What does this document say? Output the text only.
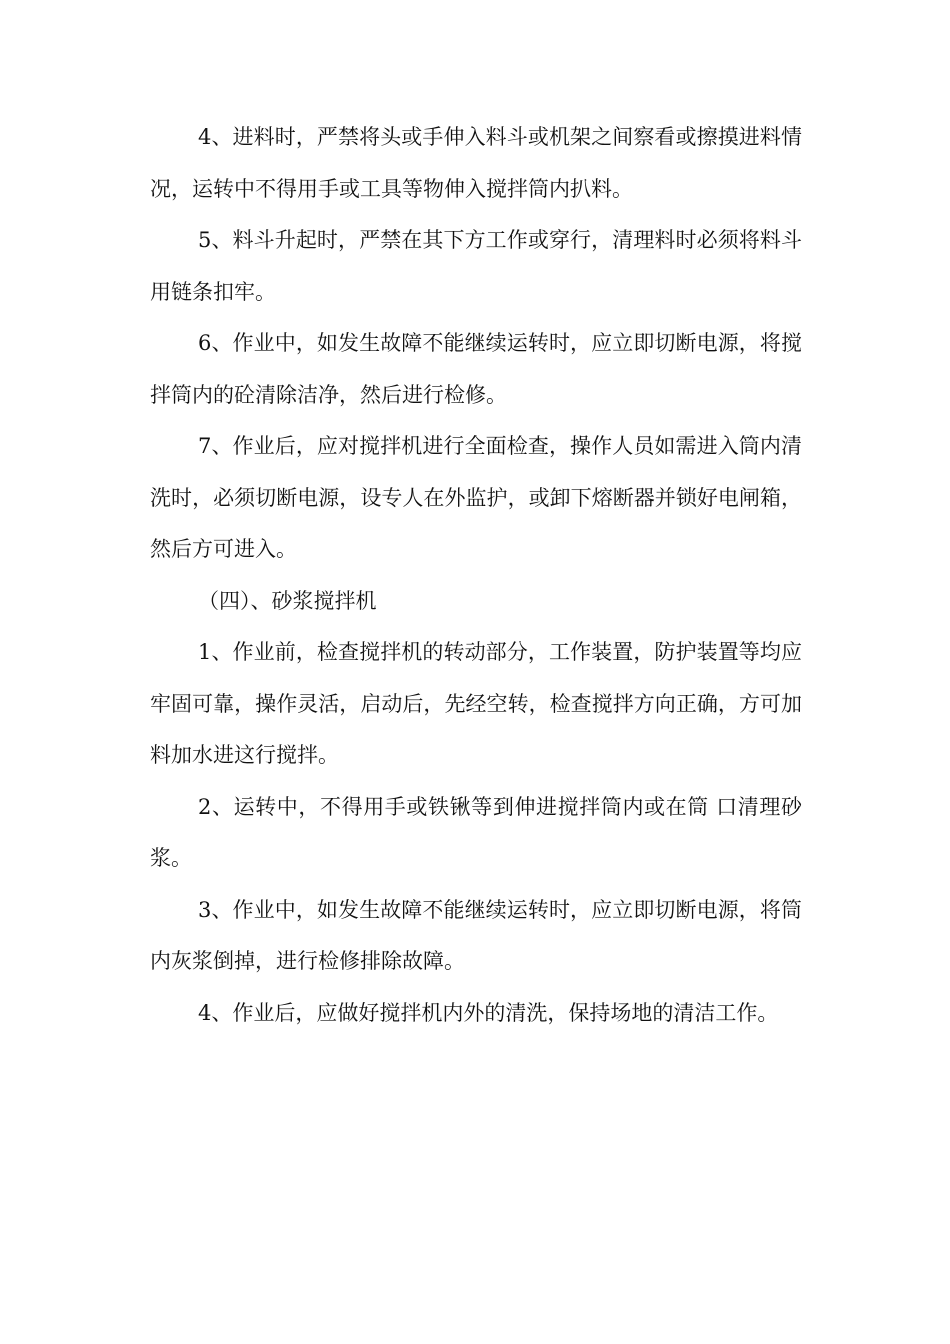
4、进料时，严禁将头或手伸入料斗或机架之间察看或擦摸进料情况，运转中不得用手或工具等物伸入搅拌筒内扒料。

5、料斗升起时，严禁在其下方工作或穿行，清理料时必须将料斗用链条扣牢。

6、作业中，如发生故障不能继续运转时，应立即切断电源，将搅拌筒内的砼清除洁净，然后进行检修。

7、作业后，应对搅拌机进行全面检查，操作人员如需进入筒内清洗时，必须切断电源，设专人在外监护，或卸下熔断器并锁好电闸箱，然后方可进入。

（四）、砂浆搅拌机

1、作业前，检查搅拌机的转动部分，工作装置，防护装置等均应牢固可靠，操作灵活，启动后，先经空转，检查搅拌方向正确，方可加料加水进这行搅拌。

2、运转中，不得用手或铁锹等到伸进搅拌筒内或在筒 口清理砂浆。

3、作业中，如发生故障不能继续运转时，应立即切断电源，将筒内灰浆倒掉，进行检修排除故障。

4、作业后，应做好搅拌机内外的清洗，保持场地的清洁工作。
